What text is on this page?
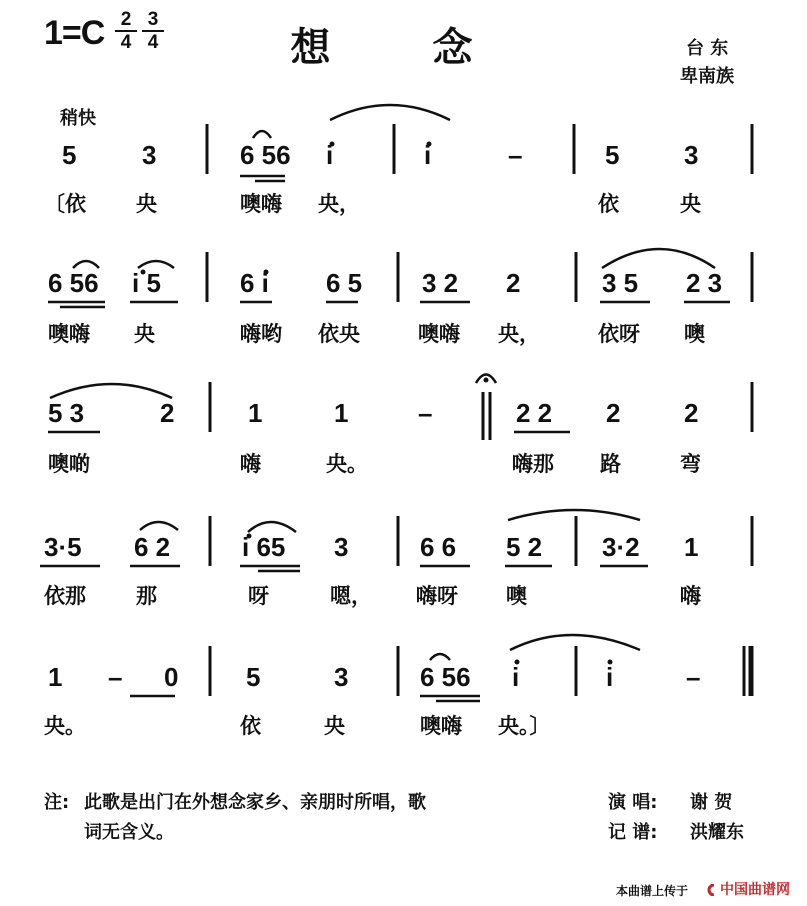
1=C 2
4
3
4	想 念	台 东
卑南族
稍快
5	3	6 56 i	i	–	5 3
〔依 央	噢嗨 央，	依	央
6 56 i 5	6 i 6 5 3 2 2	3 5 2 3
噢嗨 央	嗨哟 依央	噢嗨 央，	依呀 噢
5 3	2	1	1	–	2 2 2 2
噢啲	嗨	央。	嗨那 路	弯
3·5 6 2	i 65 3	6 6 5 2 3·2 1
依那 那	呀	嗯， 嗨呀 噢	嗨
1 – 0	5	3	6 56 i	i	–
央。	依	央	噢嗨 央。〕
注: 此歌是出门在外想念家乡、亲朋时所唱，歌
词无含义。
演 唱: 谢 贺
记 谱: 洪耀东
本曲谱上传于 中国曲谱网
